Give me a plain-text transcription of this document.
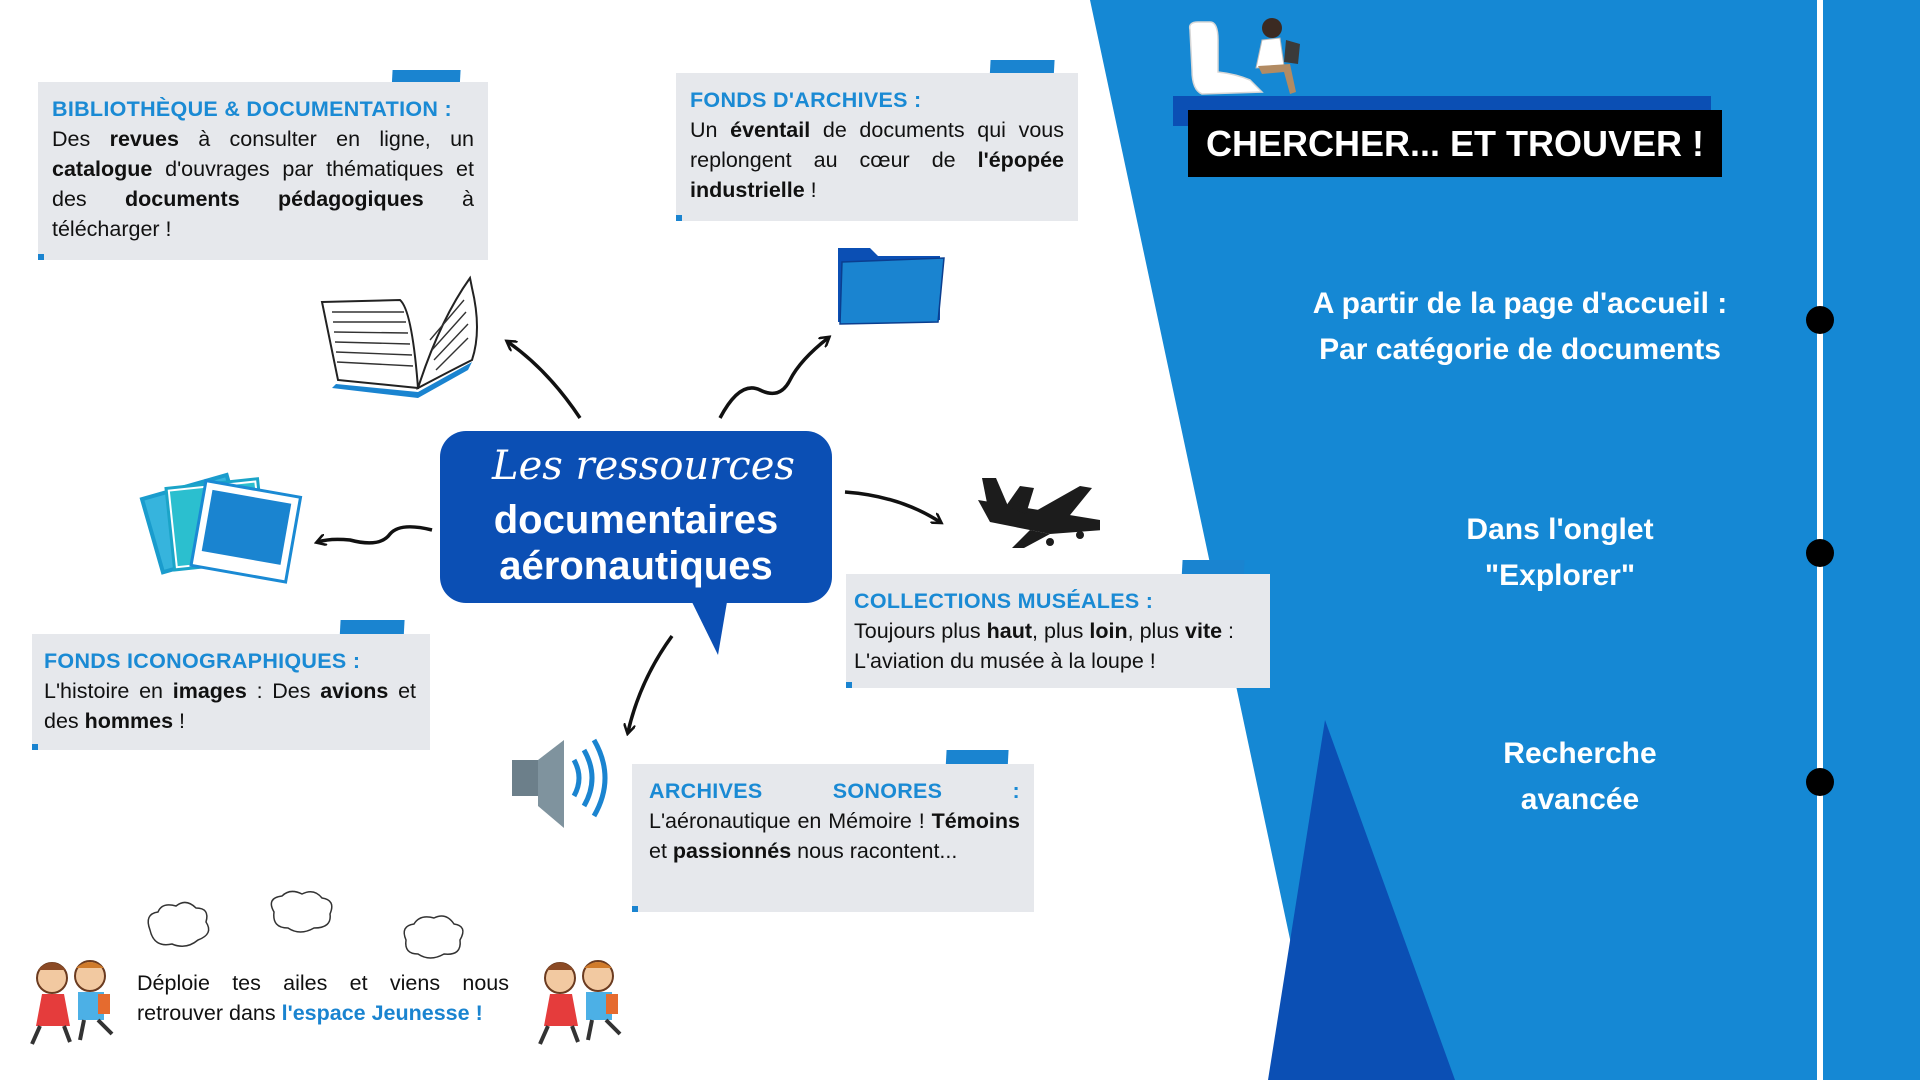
CHERCHER... ET TROUVER !
A partir de la page d'accueil :
Par catégorie de documents
Dans l'onglet
"Explorer"
Recherche
avancée
Les ressources
documentaires
aéronautiques
BIBLIOTHÈQUE & DOCUMENTATION :
Des revues à consulter en ligne, un catalogue d'ouvrages par thématiques et des documents pédagogiques à télécharger !
FONDS D'ARCHIVES :
Un éventail de documents qui vous replongent au cœur de l'épopée industrielle !
COLLECTIONS MUSÉALES :
Toujours plus haut, plus loin, plus vite : L'aviation du musée à la loupe !
FONDS ICONOGRAPHIQUES :
L'histoire en images : Des avions et des hommes !
ARCHIVES SONORES :
L'aéronautique en Mémoire ! Témoins et passionnés nous racontent...
Déploie tes ailes et viens nous retrouver dans l'espace Jeunesse !
